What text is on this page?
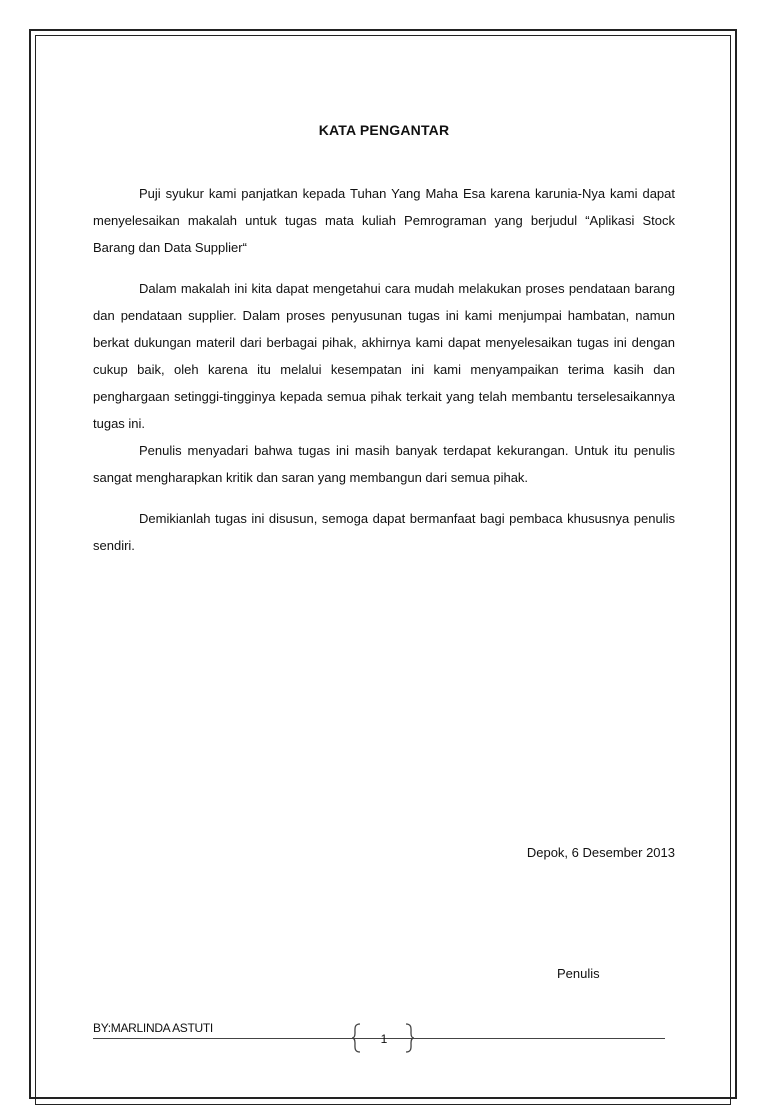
KATA PENGANTAR

Puji syukur kami panjatkan kepada Tuhan Yang Maha Esa karena karunia-Nya kami dapat menyelesaikan makalah untuk tugas mata kuliah Pemrograman yang berjudul “Aplikasi Stock Barang dan Data Supplier“

Dalam makalah ini kita dapat mengetahui cara mudah melakukan proses pendataan barang dan pendataan supplier. Dalam proses penyusunan tugas ini kami menjumpai hambatan, namun berkat dukungan materil dari berbagai pihak, akhirnya kami dapat menyelesaikan tugas ini dengan cukup baik, oleh karena itu melalui kesempatan ini kami menyampaikan terima kasih dan penghargaan setinggi-tingginya kepada semua pihak terkait yang telah membantu terselesaikannya tugas ini.

Penulis menyadari bahwa tugas ini masih banyak terdapat kekurangan. Untuk itu penulis sangat mengharapkan kritik dan saran yang membangun dari semua pihak.

Demikianlah tugas ini disusun, semoga dapat bermanfaat bagi pembaca khususnya penulis sendiri.

Depok, 6 Desember 2013
Penulis
BY:MARLINDA ASTUTI
1
